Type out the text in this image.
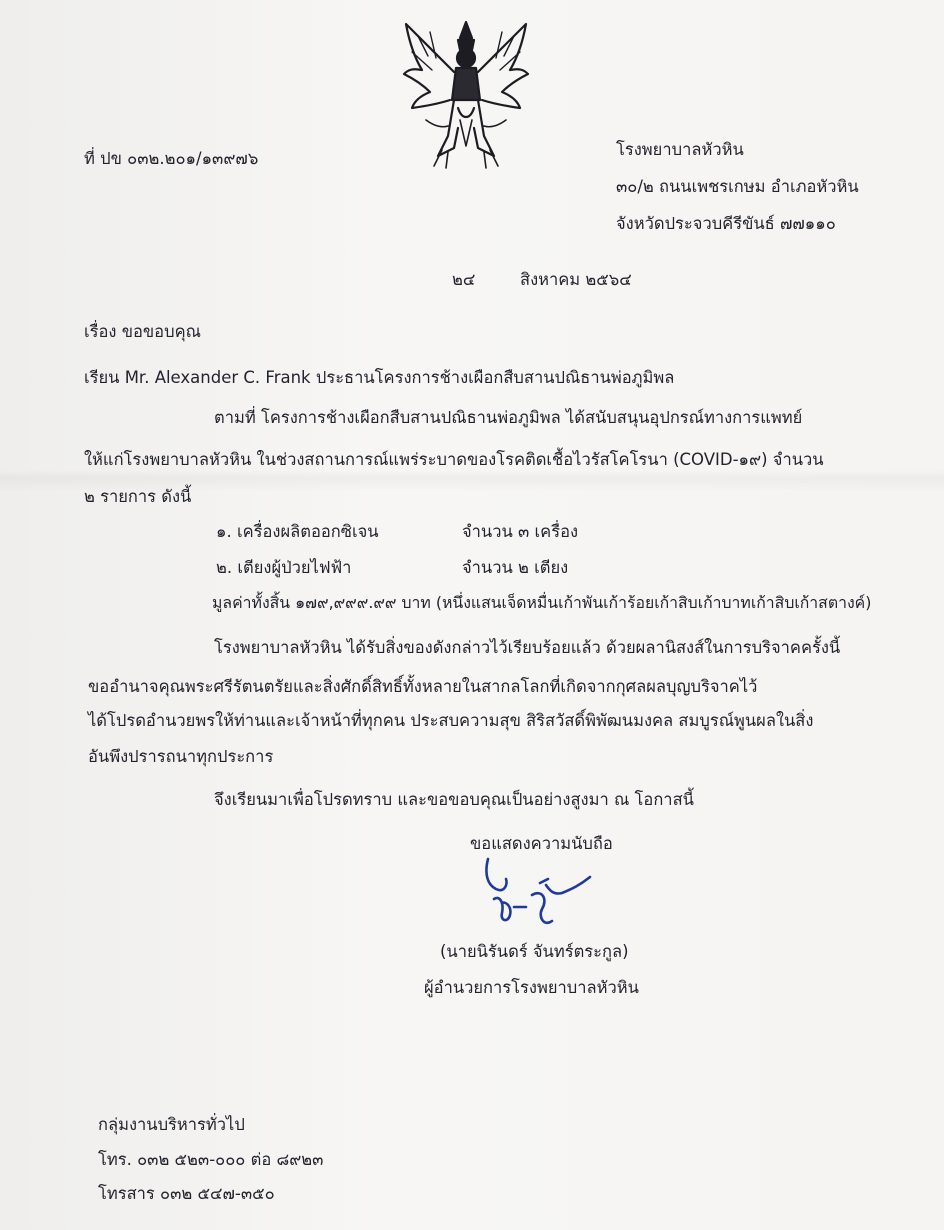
ที่ ปข ๐๓๒.๒๐๑/๑๓๙๗๖	โรงพยาบาลหัวหิน
๓๐/๒ ถนนเพชรเกษม อำเภอหัวหิน
จังหวัดประจวบคีรีขันธ์ ๗๗๑๑๐
๒๔	สิงหาคม ๒๕๖๔
เรื่อง ขอขอบคุณ
เรียน Mr. Alexander C. Frank ประธานโครงการช้างเผือกสืบสานปณิธานพ่อภูมิพล
ตามที่ โครงการช้างเผือกสืบสานปณิธานพ่อภูมิพล ได้สนับสนุนอุปกรณ์ทางการแพทย์
ให้แก่โรงพยาบาลหัวหิน ในช่วงสถานการณ์แพร่ระบาดของโรคติดเชื้อไวรัสโคโรนา (COVID-๑๙) จำนวน
๒ รายการ ดังนี้
๑. เครื่องผลิตออกซิเจน	จำนวน ๓ เครื่อง
๒. เตียงผู้ป่วยไฟฟ้า	จำนวน ๒ เตียง
มูลค่าทั้งสิ้น ๑๗๙,๙๙๙.๙๙ บาท (หนึ่งแสนเจ็ดหมื่นเก้าพันเก้าร้อยเก้าสิบเก้าบาทเก้าสิบเก้าสตางค์)
โรงพยาบาลหัวหิน ได้รับสิ่งของดังกล่าวไว้เรียบร้อยแล้ว ด้วยผลานิสงส์ในการบริจาคครั้งนี้
ขออำนาจคุณพระศรีรัตนตรัยและสิ่งศักดิ์สิทธิ์ทั้งหลายในสากลโลกที่เกิดจากกุศลผลบุญบริจาคไว้
ได้โปรดอำนวยพรให้ท่านและเจ้าหน้าที่ทุกคน ประสบความสุข สิริสวัสดิ์พิพัฒนมงคล สมบูรณ์พูนผลในสิ่ง
อันพึงปรารถนาทุกประการ
จึงเรียนมาเพื่อโปรดทราบ และขอขอบคุณเป็นอย่างสูงมา ณ โอกาสนี้
ขอแสดงความนับถือ
(นายนิรันดร์ จันทร์ตระกูล)
ผู้อำนวยการโรงพยาบาลหัวหิน
กลุ่มงานบริหารทั่วไป
โทร. ๐๓๒ ๕๒๓-๐๐๐ ต่อ ๘๙๒๓
โทรสาร ๐๓๒ ๕๔๗-๓๕๐
